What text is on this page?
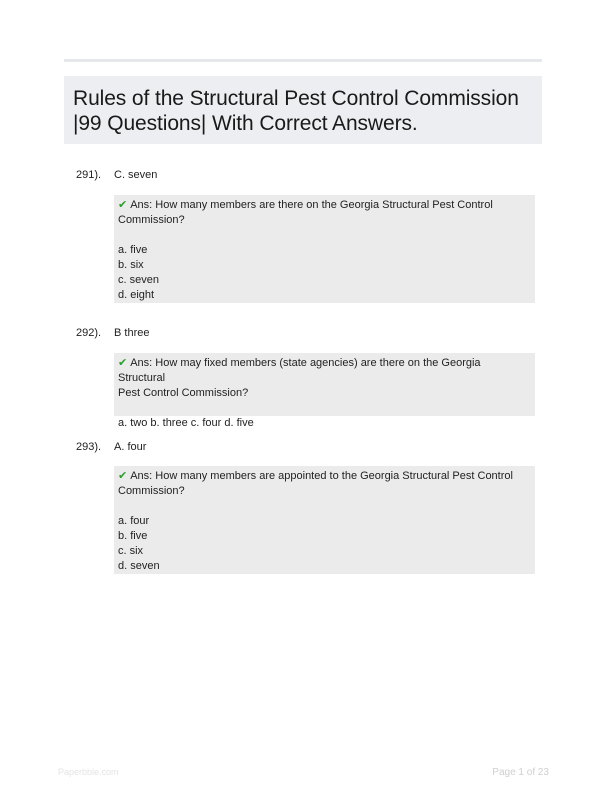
Rules of the Structural Pest Control Commission
|99 Questions| With Correct Answers.
291). C. seven
✔ Ans: How many members are there on the Georgia Structural Pest Control
Commission?
a. five
b. six
c. seven
d. eight
292). B three
✔ Ans: How may fixed members (state agencies) are there on the Georgia Structural
Pest Control Commission?
a. two b. three c. four d. five
293). A. four
✔ Ans: How many members are appointed to the Georgia Structural Pest Control
Commission?
a. four
b. five
c. six
d. seven
Paperbble.com	Page 1 of 23
